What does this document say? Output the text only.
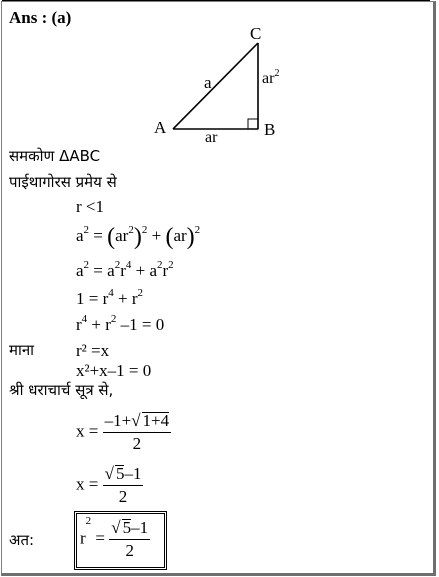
Ans : (a)
A	B
C
a
ar
$ar^2$
समकोण ΔABC
पाईथागोरस प्रमेय से
r <1
$a^2 = (ar^2)^2 + (ar)^2$
$a^2 = a^2r^4 + a^2r^2$
$1 = r^4 + r^2$
$r^4 + r^2$ –1 = 0
माना r² =x
x²+x–1 = 0
श्री धराचार्च सूत्र से,
$x = \frac{-1+√ 1+4}{2}$
$x = \frac{√ 5-1}{2}$
अत:	$r^2 = \frac{√ 5-1}{2}$
